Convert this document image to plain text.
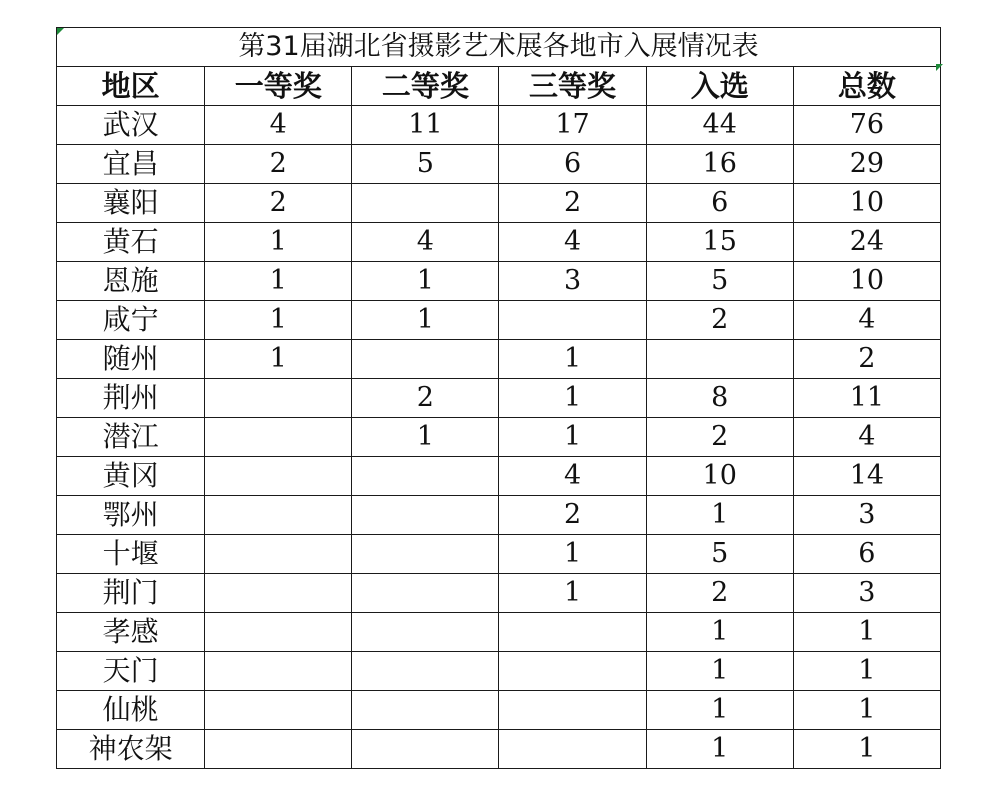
第31届湖北省摄影艺术展各地市入展情况表					
地区	一等奖	二等奖	三等奖	入选	总数
武汉	4	11	17	44	76
宜昌	2	5	6	16	29
襄阳	2		2	6	10
黄石	1	4	4	15	24
恩施	1	1	3	5	10
咸宁	1	1		2	4
随州	1		1		2
荆州		2	1	8	11
潜江		1	1	2	4
黄冈			4	10	14
鄂州			2	1	3
十堰			1	5	6
荆门			1	2	3
孝感				1	1
天门				1	1
仙桃				1	1
神农架				1	1
